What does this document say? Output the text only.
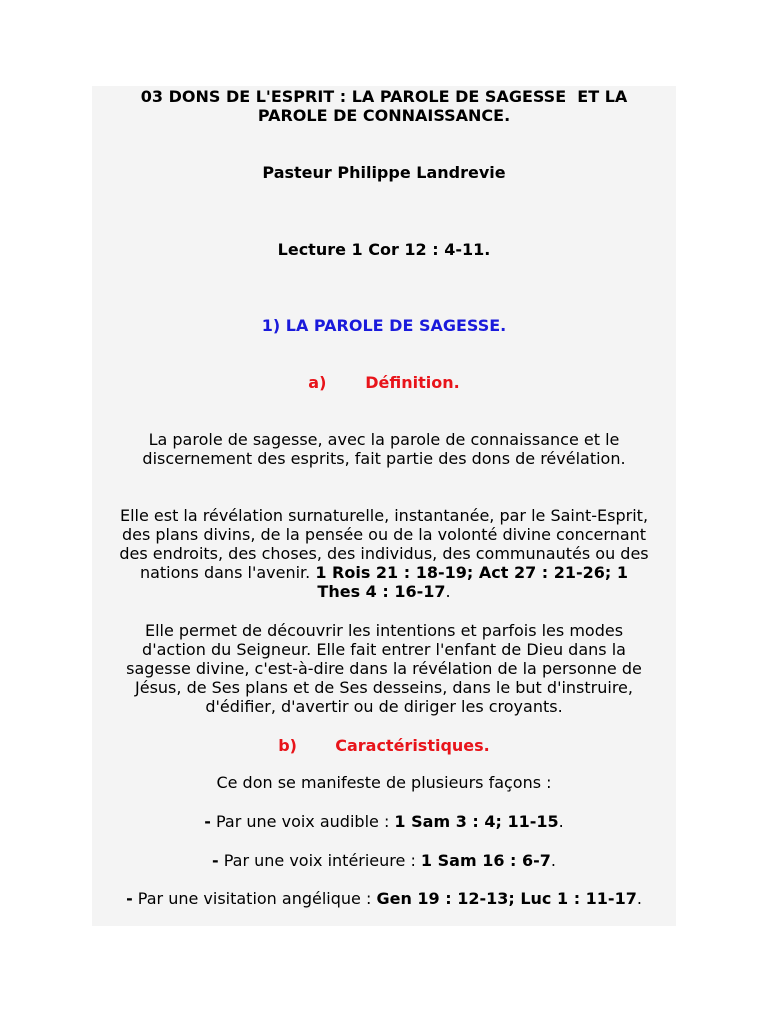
03 DONS DE L'ESPRIT : LA PAROLE DE SAGESSE  ET LA
PAROLE DE CONNAISSANCE.
Pasteur Philippe Landrevie
Lecture 1 Cor 12 : 4-11.
1) LA PAROLE DE SAGESSE.
a) Définition.
La parole de sagesse, avec la parole de connaissance et le
discernement des esprits, fait partie des dons de révélation.
Elle est la révélation surnaturelle, instantanée, par le Saint-Esprit,
des plans divins, de la pensée ou de la volonté divine concernant
des endroits, des choses, des individus, des communautés ou des
nations dans l'avenir. 1 Rois 21 : 18-19; Act 27 : 21-26; 1
Thes 4 : 16-17.
Elle permet de découvrir les intentions et parfois les modes
d'action du Seigneur. Elle fait entrer l'enfant de Dieu dans la
sagesse divine, c'est-à-dire dans la révélation de la personne de
Jésus, de Ses plans et de Ses desseins, dans le but d'instruire,
d'édifier, d'avertir ou de diriger les croyants.
b) Caractéristiques.
Ce don se manifeste de plusieurs façons :
- Par une voix audible : 1 Sam 3 : 4; 11-15.
- Par une voix intérieure : 1 Sam 16 : 6-7.
- Par une visitation angélique : Gen 19 : 12-13; Luc 1 : 11-17.
